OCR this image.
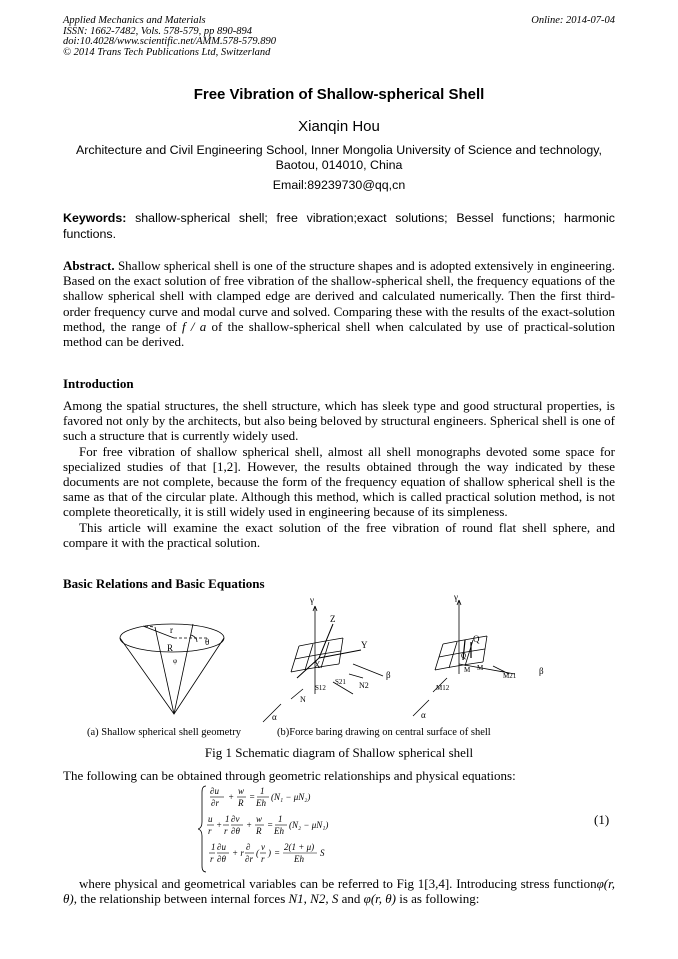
Applied Mechanics and Materials
ISSN: 1662-7482, Vols. 578-579, pp 890-894
doi:10.4028/www.scientific.net/AMM.578-579.890
© 2014 Trans Tech Publications Ltd, Switzerland
Online: 2014-07-04
Free Vibration of Shallow-spherical Shell
Xianqin Hou
Architecture and Civil Engineering School, Inner Mongolia University of Science and technology,
Baotou, 014010, China
Email:89239730@qq,cn
Keywords: shallow-spherical shell; free vibration;exact solutions; Bessel functions; harmonic functions.
Abstract. Shallow spherical shell is one of the structure shapes and is adopted extensively in engineering. Based on the exact solution of free vibration of the shallow-spherical shell, the frequency equations of the shallow spherical shell with clamped edge are derived and calculated numerically. Then the first third-order frequency curve and modal curve and solved. Comparing these with the results of the exact-solution method, the range of f / a of the shallow-spherical shell when calculated by use of practical-solution method can be derived.
Introduction
Among the spatial structures, the shell structure, which has sleek type and good structural properties, is favored not only by the architects, but also being beloved by structural engineers. Spherical shell is one of such a structure that is currently widely used.
For free vibration of shallow spherical shell, almost all shell monographs devoted some space for specialized studies of that [1,2]. However, the results obtained through the way indicated by these documents are not complete, because the form of the frequency equation of shallow spherical shell is the same as that of the circular plate. Although this method, which is called practical solution method, is not complete theoretically, it is still widely used in engineering because of its simpleness.
This article will examine the exact solution of the free vibration of round flat shell sphere, and compare it with the practical solution.
Basic Relations and Basic Equations
r
R
θ
φ
γ
Z
Y
X
β
α
N
N2
S12
S21
γ
Q
Q
M M
M12
M21	β
α
(a) Shallow spherical shell geometry	(b)Force baring drawing on central surface of shell
Fig 1 Schematic diagram of Shallow spherical shell
The following can be obtained through geometric relationships and physical equations:
∂u
∂r
+
w
R
=
1
Eh
(N₁ − μN₂)
u
r
+
1
r
∂v
∂θ
+
w
R
=
1
Eh
(N₂ − μN₁)
1
r
∂u
∂θ
+ r
∂
∂r
(
v
r
) =
2(1 + μ)
Eh
S
(1)
where physical and geometrical variables can be referred to Fig 1[3,4]. Introducing stress functionφ(r, θ), the relationship between internal forces N1, N2, S and φ(r, θ) is as following:
